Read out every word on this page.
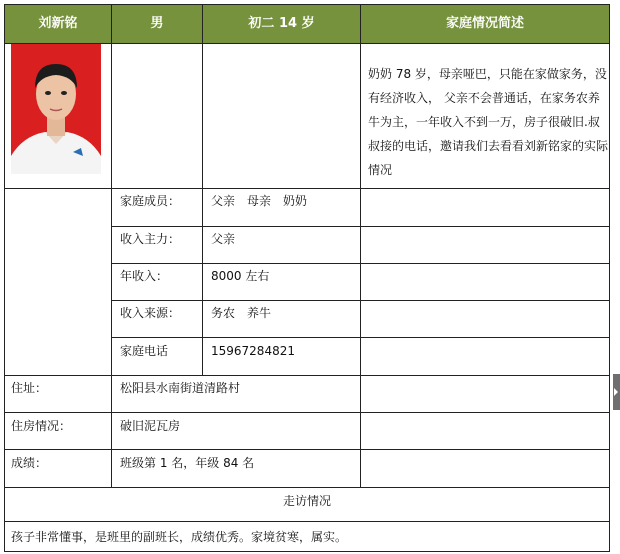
刘新铭	男	初二 14 岁	家庭情况简述
奶奶 78 岁，母亲哑巴，只能在家做家务，没有经济收入， 父亲不会普通话，在家务农养牛为主，一年收入不到一万，房子很破旧.叔叔接的电话，邀请我们去看看刘新铭家的实际情况
家庭成员：	父亲　母亲　奶奶
收入主力：	父亲
年收入：	8000 左右
收入来源：	务农　养牛
家庭电话	15967284821
住址：	松阳县水南街道清路村
住房情况：	破旧泥瓦房
成绩：	班级第 1 名，年级 84 名
走访情况
孩子非常懂事，是班里的副班长，成绩优秀。家境贫寒，属实。
